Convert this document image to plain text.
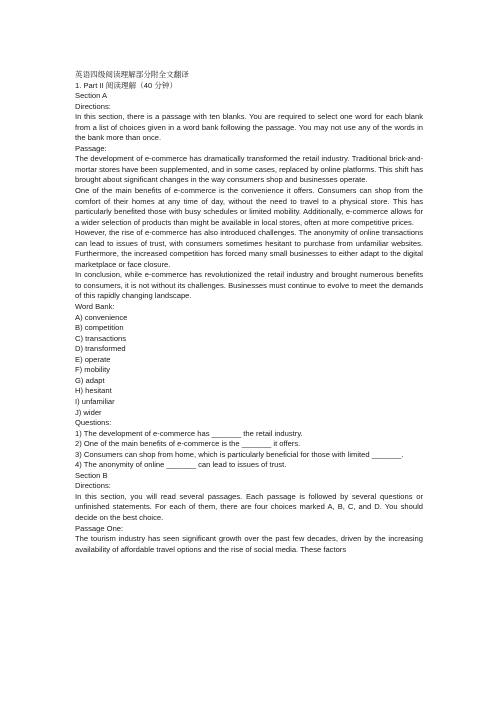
英语四级阅读理解部分附全文翻译

1. Part II 阅读理解（40 分钟）

Section A

Directions:

In this section, there is a passage with ten blanks. You are required to select one word for each blank from a list of choices given in a word bank following the passage. You may not use any of the words in the bank more than once.

Passage:

The development of e-commerce has dramatically transformed the retail industry. Traditional brick-and-mortar stores have been supplemented, and in some cases, replaced by online platforms. This shift has brought about significant changes in the way consumers shop and businesses operate.

One of the main benefits of e-commerce is the convenience it offers. Consumers can shop from the comfort of their homes at any time of day, without the need to travel to a physical store. This has particularly benefited those with busy schedules or limited mobility. Additionally, e-commerce allows for a wider selection of products than might be available in local stores, often at more competitive prices.

However, the rise of e-commerce has also introduced challenges. The anonymity of online transactions can lead to issues of trust, with consumers sometimes hesitant to purchase from unfamiliar websites. Furthermore, the increased competition has forced many small businesses to either adapt to the digital marketplace or face closure.

In conclusion, while e-commerce has revolutionized the retail industry and brought numerous benefits to consumers, it is not without its challenges. Businesses must continue to evolve to meet the demands of this rapidly changing landscape.

Word Bank:

A) convenience

B) competition

C) transactions

D) transformed

E) operate

F) mobility

G) adapt

H) hesitant

I) unfamiliar

J) wider

Questions:

1) The development of e-commerce has _______ the retail industry.

2) One of the main benefits of e-commerce is the _______ it offers.

3) Consumers can shop from home, which is particularly beneficial for those with limited _______.

4) The anonymity of online _______ can lead to issues of trust.

Section B

Directions:

In this section, you will read several passages. Each passage is followed by several questions or unfinished statements. For each of them, there are four choices marked A, B, C, and D. You should decide on the best choice.

Passage One:

The tourism industry has seen significant growth over the past few decades, driven by the increasing availability of affordable travel options and the rise of social media. These factors
